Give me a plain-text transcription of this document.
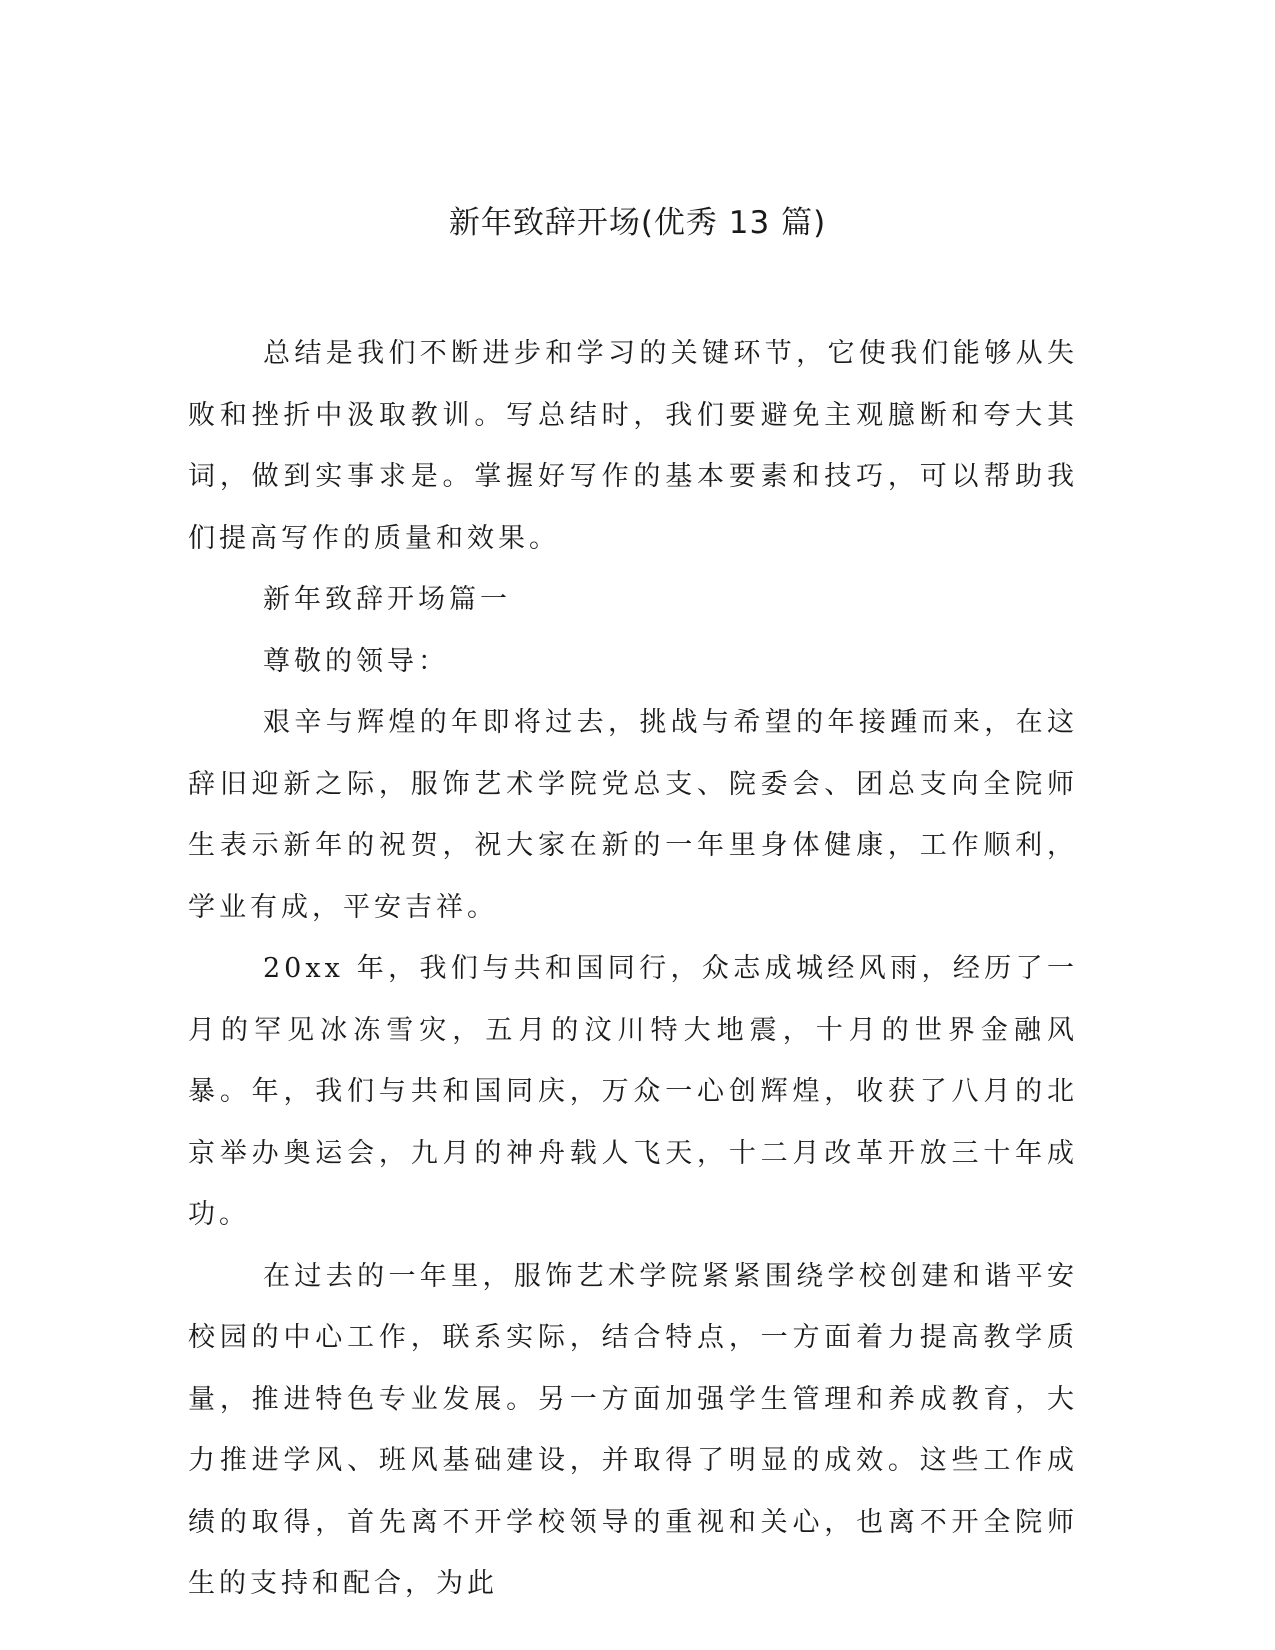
新年致辞开场(优秀 13 篇)

总结是我们不断进步和学习的关键环节，它使我们能够从失败和挫折中汲取教训。写总结时，我们要避免主观臆断和夸大其词，做到实事求是。掌握好写作的基本要素和技巧，可以帮助我们提高写作的质量和效果。

新年致辞开场篇一

尊敬的领导：

艰辛与辉煌的年即将过去，挑战与希望的年接踵而来，在这辞旧迎新之际，服饰艺术学院党总支、院委会、团总支向全院师生表示新年的祝贺，祝大家在新的一年里身体健康，工作顺利，学业有成，平安吉祥。

20xx 年，我们与共和国同行，众志成城经风雨，经历了一月的罕见冰冻雪灾，五月的汶川特大地震，十月的世界金融风暴。年，我们与共和国同庆，万众一心创辉煌，收获了八月的北京举办奥运会，九月的神舟载人飞天，十二月改革开放三十年成功。

在过去的一年里，服饰艺术学院紧紧围绕学校创建和谐平安校园的中心工作，联系实际，结合特点，一方面着力提高教学质量，推进特色专业发展。另一方面加强学生管理和养成教育，大力推进学风、班风基础建设，并取得了明显的成效。这些工作成绩的取得，首先离不开学校领导的重视和关心，也离不开全院师生的支持和配合，为此
